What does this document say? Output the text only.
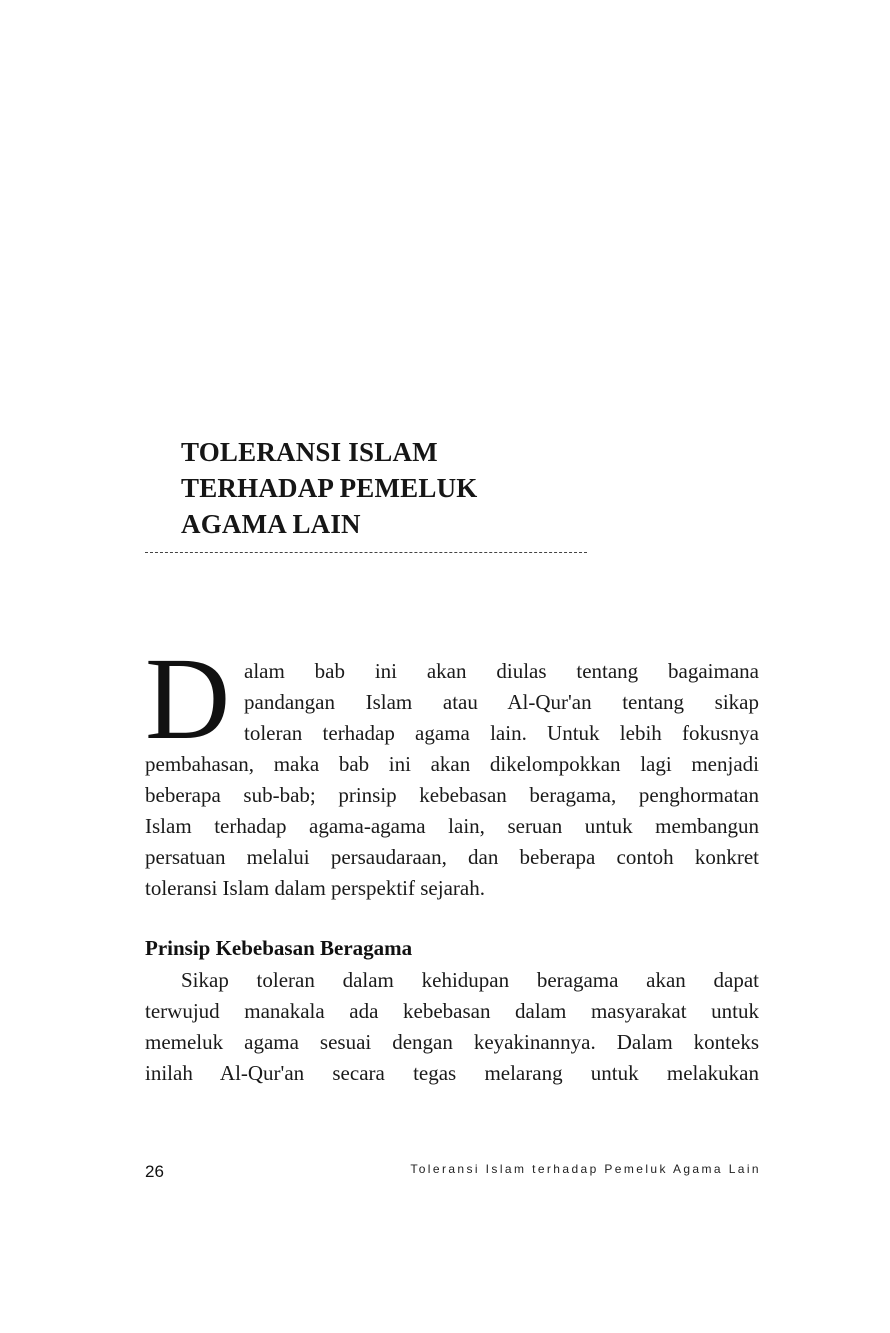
TOLERANSI ISLAM
TERHADAP PEMELUK
AGAMA LAIN
D alam bab ini akan diulas tentang bagaimana
pandangan Islam atau Al-Qur'an tentang sikap
toleran terhadap agama lain. Untuk lebih fokusnya
pembahasan, maka bab ini akan dikelompokkan lagi menjadi
beberapa sub-bab; prinsip kebebasan beragama, penghormatan
Islam terhadap agama-agama lain, seruan untuk membangun
persatuan melalui persaudaraan, dan beberapa contoh konkret
toleransi Islam dalam perspektif sejarah.
Prinsip Kebebasan Beragama
Sikap toleran dalam kehidupan beragama akan dapat
terwujud manakala ada kebebasan dalam masyarakat untuk
memeluk agama sesuai dengan keyakinannya. Dalam konteks
inilah Al-Qur'an secara tegas melarang untuk melakukan
26	Toleransi Islam terhadap Pemeluk Agama Lain
